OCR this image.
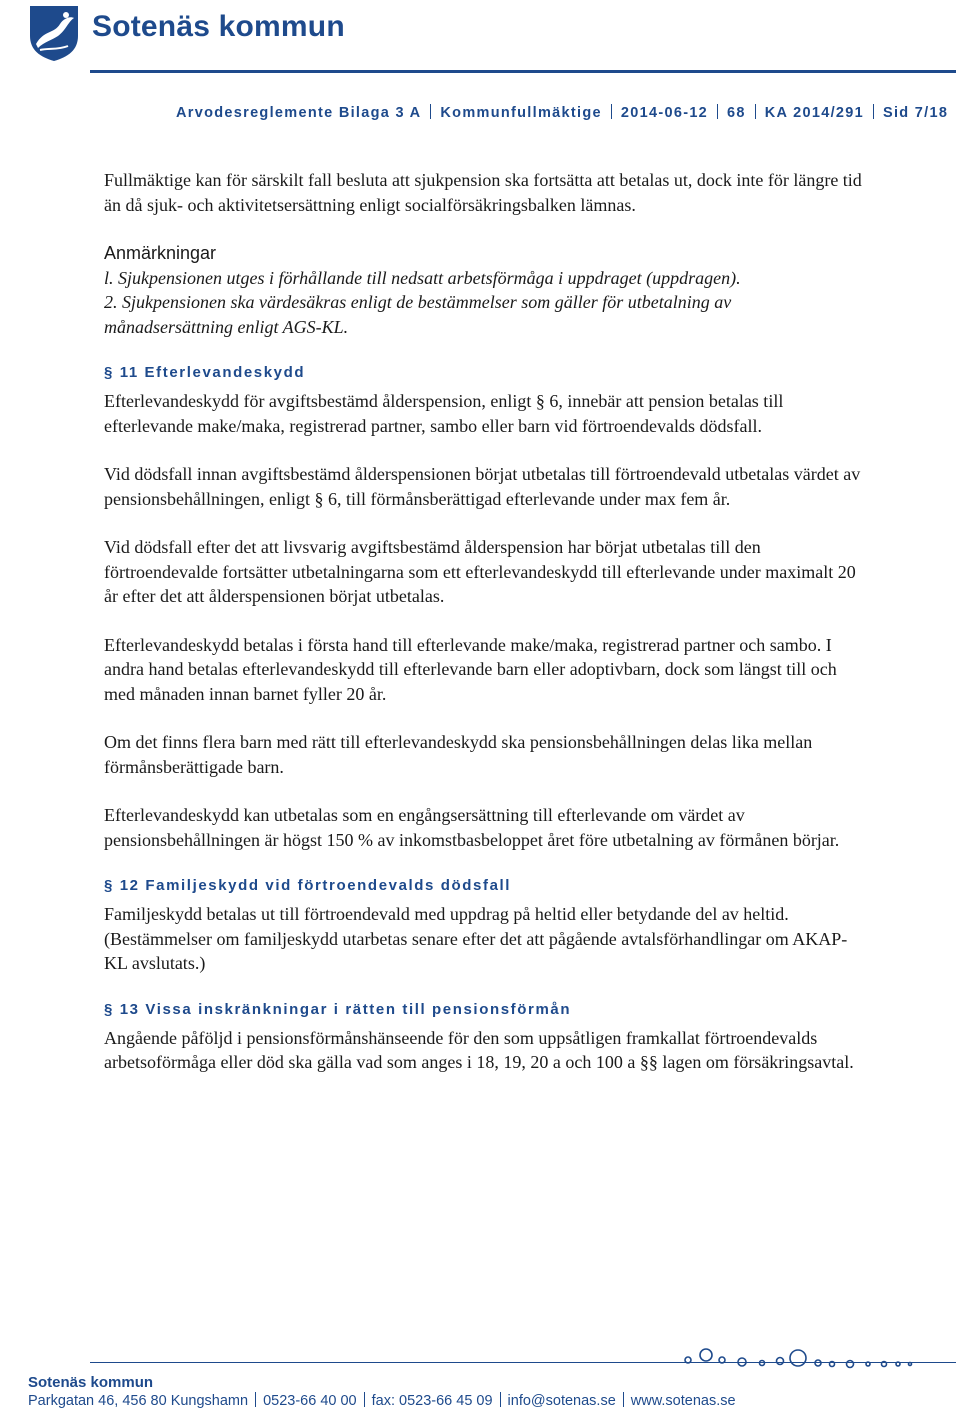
Sotenäs kommun
Arvodesreglemente Bilaga 3 A Kommunfullmäktige 2014-06-12 68 KA 2014/291 Sid 7/18

Fullmäktige kan för särskilt fall besluta att sjukpension ska fortsätta att betalas ut, dock inte för längre tid än då sjuk- och aktivitetsersättning enligt socialförsäkringsbalken lämnas.

Anmärkningar

l. Sjukpensionen utges i förhållande till nedsatt arbetsförmåga i uppdraget (uppdragen).

2. Sjukpensionen ska värdesäkras enligt de bestämmelser som gäller för utbetalning av månadsersättning enligt AGS-KL.

§ 11 Efterlevandeskydd

Efterlevandeskydd för avgiftsbestämd ålderspension, enligt § 6, innebär att pension betalas till efterlevande make/maka, registrerad partner, sambo eller barn vid förtroendevalds dödsfall.

Vid dödsfall innan avgiftsbestämd ålderspensionen börjat utbetalas till förtroendevald utbetalas värdet av pensionsbehållningen, enligt § 6, till förmånsberättigad efterlevande under max fem år.

Vid dödsfall efter det att livsvarig avgiftsbestämd ålderspension har börjat utbetalas till den förtroendevalde fortsätter utbetalningarna som ett efterlevandeskydd till efterlevande under maximalt 20 år efter det att ålderspensionen börjat utbetalas.

Efterlevandeskydd betalas i första hand till efterlevande make/maka, registrerad partner och sambo. I andra hand betalas efterlevandeskydd till efterlevande barn eller adoptivbarn, dock som längst till och med månaden innan barnet fyller 20 år.

Om det finns flera barn med rätt till efterlevandeskydd ska pensionsbehållningen delas lika mellan förmånsberättigade barn.

Efterlevandeskydd kan utbetalas som en engångsersättning till efterlevande om värdet av pensionsbehållningen är högst 150 % av inkomstbasbeloppet året före utbetalning av förmånen börjar.

§ 12 Familjeskydd vid förtroendevalds dödsfall

Familjeskydd betalas ut till förtroendevald med uppdrag på heltid eller betydande del av heltid. (Bestämmelser om familjeskydd utarbetas senare efter det att pågående avtalsförhandlingar om AKAP-KL avslutats.)

§ 13 Vissa inskränkningar i rätten till pensionsförmån

Angående påföljd i pensionsförmånshänseende för den som uppsåtligen framkallat förtroendevalds arbetsoförmåga eller död ska gälla vad som anges i 18, 19, 20 a och 100 a §§ lagen om försäkringsavtal.

Sotenäs kommun
Parkgatan 46, 456 80 Kungshamn 0523-66 40 00 fax: 0523-66 45 09 info@sotenas.se www.sotenas.se
